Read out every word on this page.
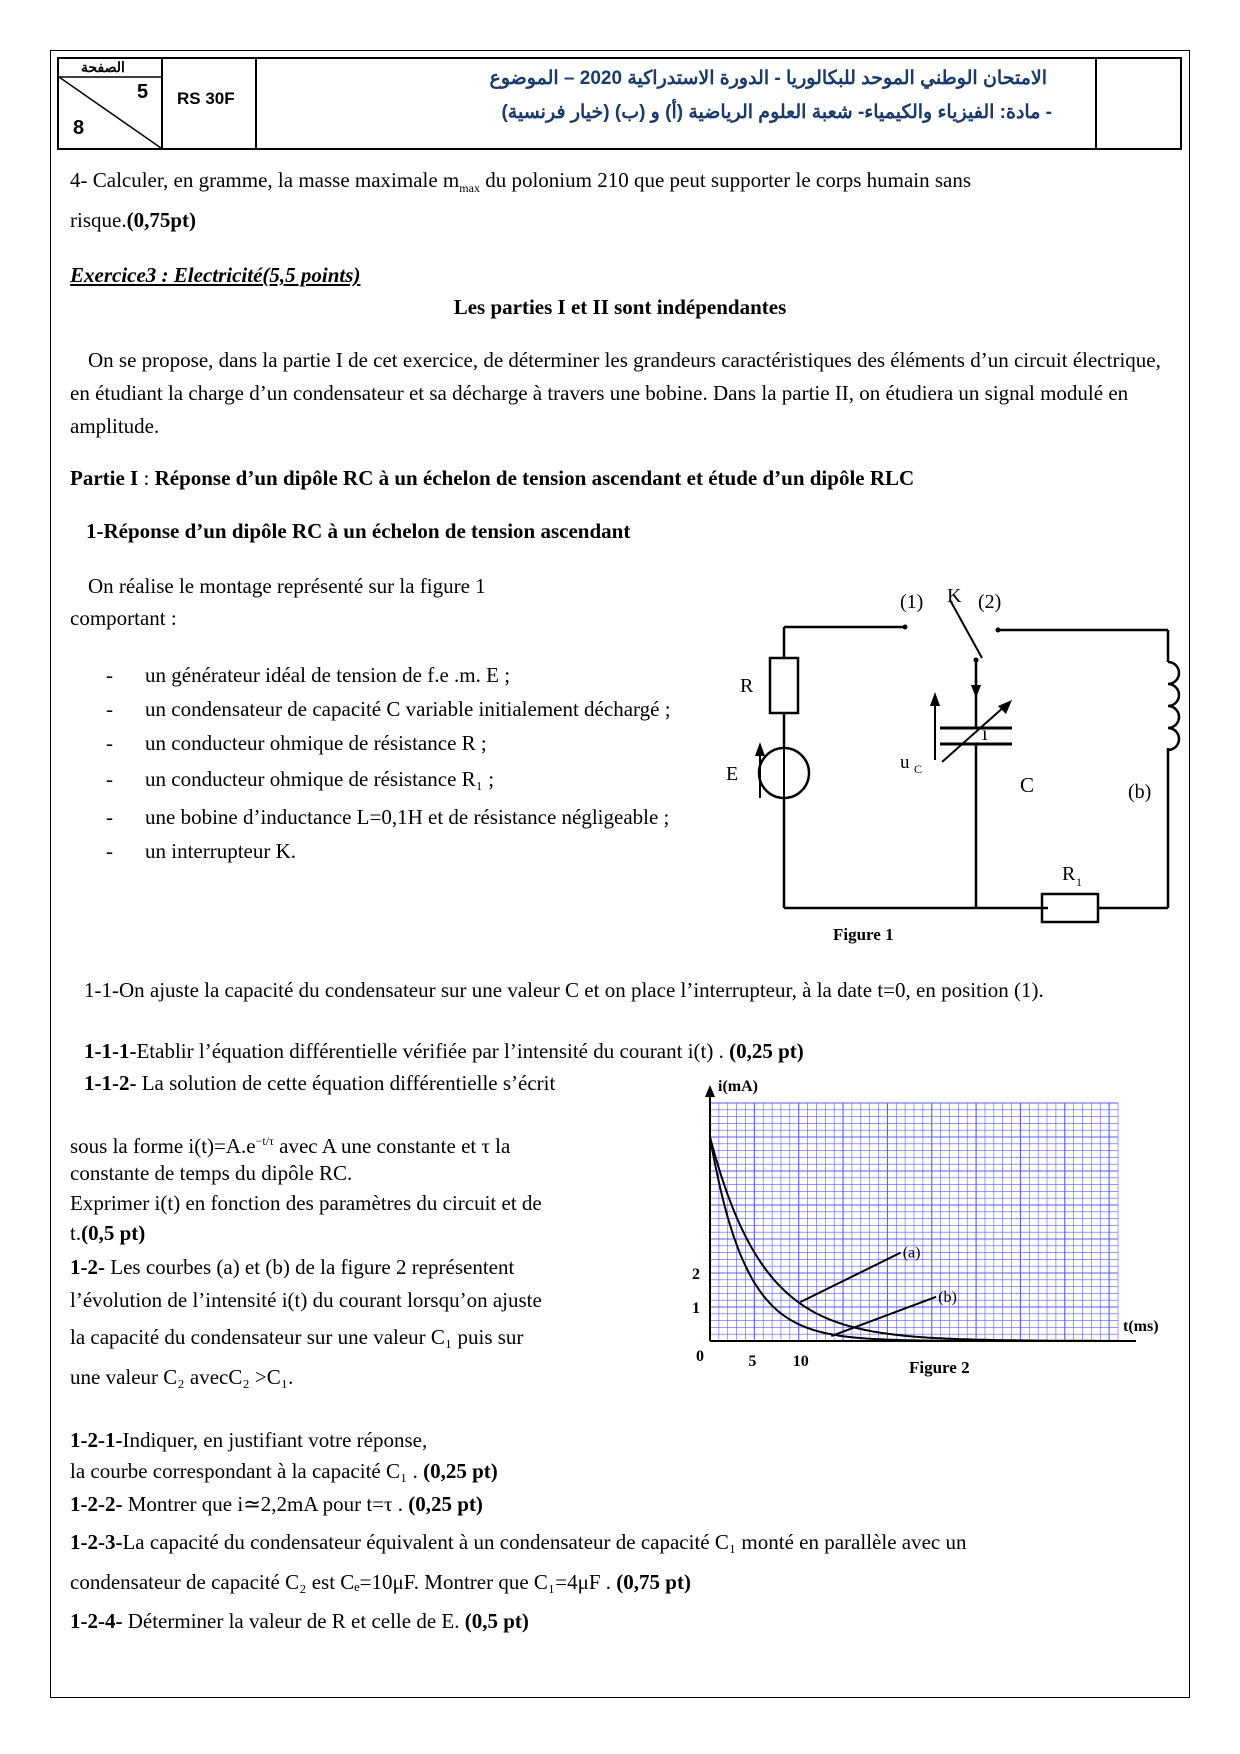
الصفحة
5
8
RS 30F
الامتحان الوطني الموحد للبكالوريا - الدورة الاستدراكية 2020 – الموضوع
- مادة: الفيزياء والكيمياء- شعبة العلوم الرياضية (أ) و (ب) (خيار فرنسية)
4- Calculer, en gramme, la masse maximale $m_{max}$ du polonium 210 que peut supporter le corps humain sans
risque.(0,75pt)
Exercice3 : Electricité(5,5 points)
Les parties I et II sont indépendantes
On se propose, dans la partie I de cet exercice, de déterminer les grandeurs caractéristiques des éléments d’un circuit électrique, en étudiant la charge d’un condensateur et sa décharge à travers une bobine. Dans la partie II, on étudiera un signal modulé en amplitude.
Partie I : Réponse d’un dipôle RC à un échelon de tension ascendant et étude d’un dipôle RLC
1-Réponse d’un dipôle RC à un échelon de tension ascendant
On réalise le montage représenté sur la figure 1
comportant :
- un générateur idéal de tension de f.e .m. E ;
- un condensateur de capacité C variable initialement déchargé ;
- un conducteur ohmique de résistance R ;
- un conducteur ohmique de résistance R₁ ;
- une bobine d’inductance L=0,1H et de résistance négligeable ;
- un interrupteur K.
(1) K (2)
R
E
i
u C
C	(b)
R 1
Figure 1
1-1-On ajuste la capacité du condensateur sur une valeur C et on place l’interrupteur, à la date t=0, en position (1).
1-1-1-Etablir l’équation différentielle vérifiée par l’intensité du courant i(t) . (0,25 pt)
1-1-2- La solution de cette équation différentielle s’écrit
sous la forme $i(t)=A.e^{-t/\tau}$ avec A une constante et τ la
constante de temps du dipôle RC.
Exprimer i(t) en fonction des paramètres du circuit et de
t.(0,5 pt)
1-2- Les courbes (a) et (b) de la figure 2 représentent
l’évolution de l’intensité i(t) du courant lorsqu’on ajuste
la capacité du condensateur sur une valeur C₁ puis sur
une valeur C₂ avecC₂ >C₁.
i(mA)
t(ms)
0	5 10
1
2
(a)
(b)
Figure 2
1-2-1-Indiquer, en justifiant votre réponse,
la courbe correspondant à la capacité C₁ . (0,25 pt)
1-2-2- Montrer que i≃2,2mA pour t=τ . (0,25 pt)
1-2-3-La capacité du condensateur équivalent à un condensateur de capacité C₁ monté en parallèle avec un
condensateur de capacité C₂ est Cₑ=10μF. Montrer que C₁=4μF . (0,75 pt)
1-2-4- Déterminer la valeur de R et celle de E. (0,5 pt)
